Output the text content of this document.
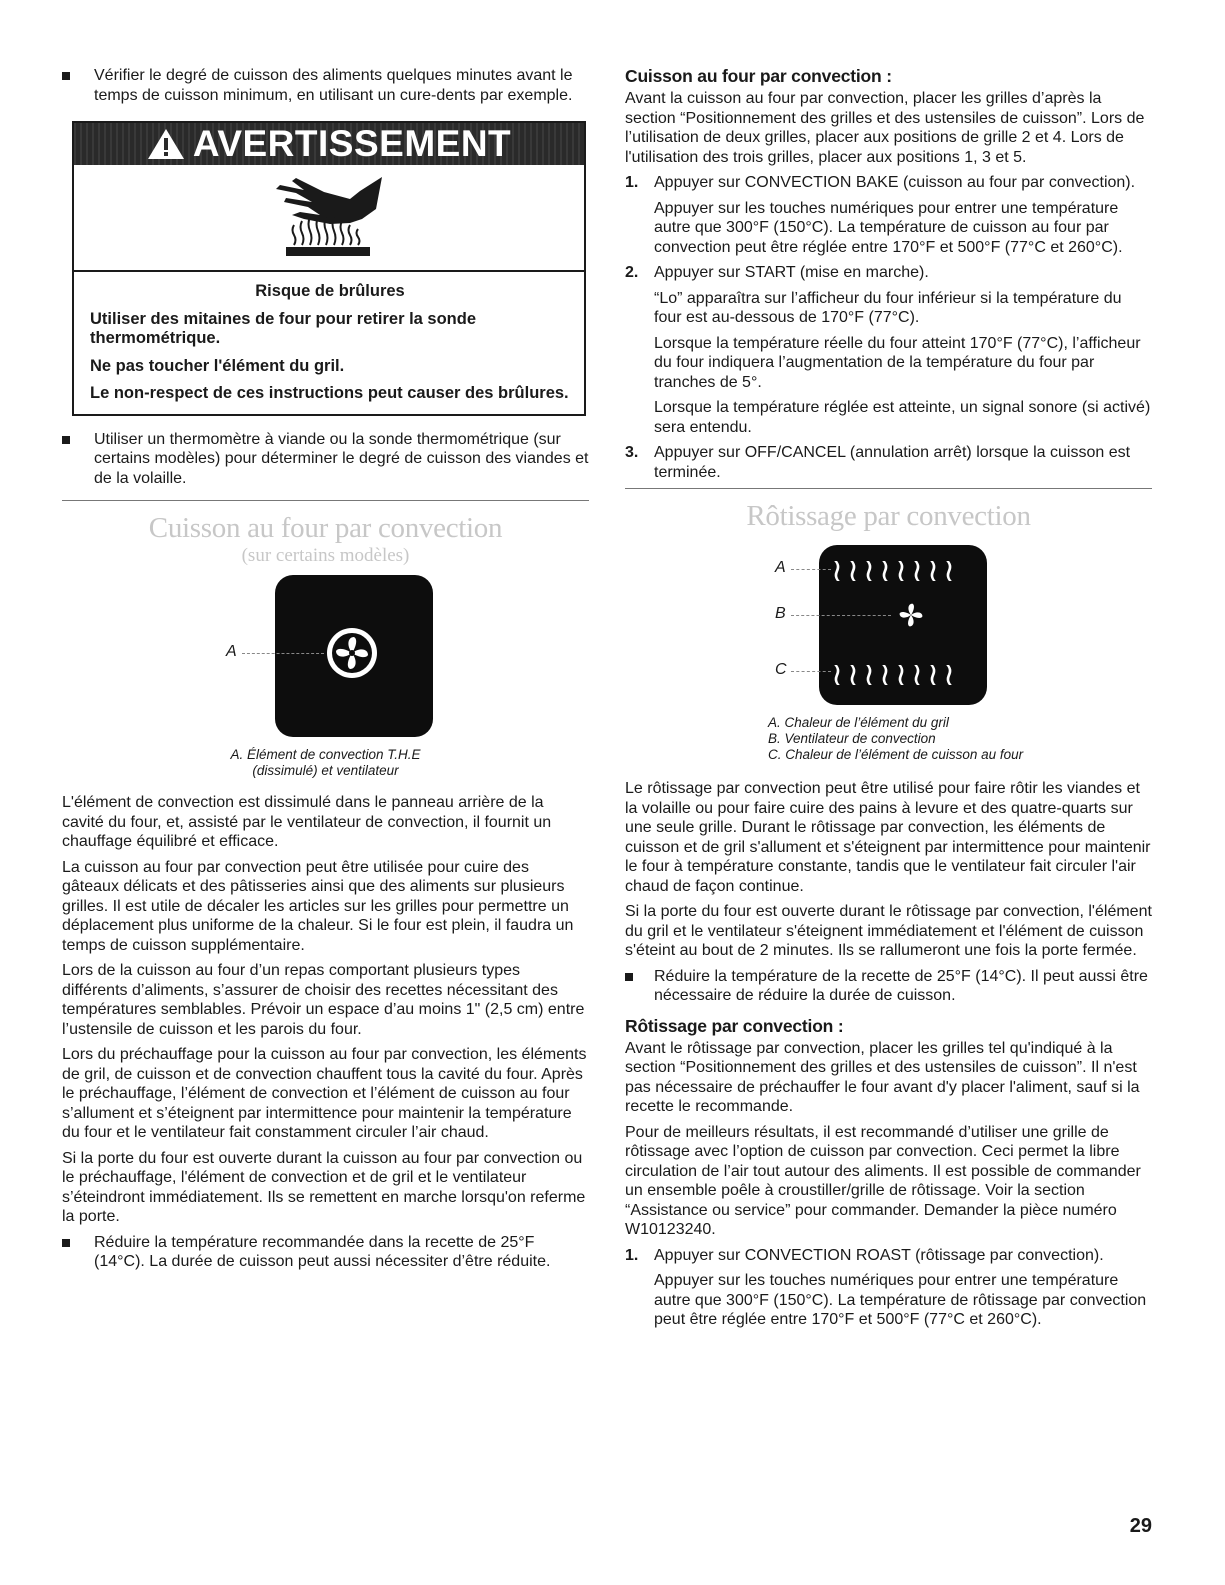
Vérifier le degré de cuisson des aliments quelques minutes avant le temps de cuisson minimum, en utilisant un cure-dents par exemple.
AVERTISSEMENT

Risque de brûlures

Utiliser des mitaines de four pour retirer la sonde thermométrique.

Ne pas toucher l'élément du gril.

Le non-respect de ces instructions peut causer des brûlures.

Utiliser un thermomètre à viande ou la sonde thermométrique (sur certains modèles) pour déterminer le degré de cuisson des viandes et de la volaille.
Cuisson au four par convection
(sur certains modèles)
A
A. Élément de convection T.H.E
(dissimulé) et ventilateur

L'élément de convection est dissimulé dans le panneau arrière de la cavité du four, et, assisté par le ventilateur de convection, il fournit un chauffage équilibré et efficace.

La cuisson au four par convection peut être utilisée pour cuire des gâteaux délicats et des pâtisseries ainsi que des aliments sur plusieurs grilles. Il est utile de décaler les articles sur les grilles pour permettre un déplacement plus uniforme de la chaleur. Si le four est plein, il faudra un temps de cuisson supplémentaire.

Lors de la cuisson au four d’un repas comportant plusieurs types différents d’aliments, s’assurer de choisir des recettes nécessitant des températures semblables. Prévoir un espace d’au moins 1" (2,5 cm) entre l’ustensile de cuisson et les parois du four.

Lors du préchauffage pour la cuisson au four par convection, les éléments de gril, de cuisson et de convection chauffent tous la cavité du four. Après le préchauffage, l’élément de convection et l’élément de cuisson au four s’allument et s’éteignent par intermittence pour maintenir la température du four et le ventilateur fait constamment circuler l’air chaud.

Si la porte du four est ouverte durant la cuisson au four par convection ou le préchauffage, l'élément de convection et de gril et le ventilateur s’éteindront immédiatement. Ils se remettent en marche lorsqu'on referme la porte.

Réduire la température recommandée dans la recette de 25°F (14°C). La durée de cuisson peut aussi nécessiter d’être réduite.
Cuisson au four par convection :

Avant la cuisson au four par convection, placer les grilles d’après la section “Positionnement des grilles et des ustensiles de cuisson”. Lors de l’utilisation de deux grilles, placer aux positions de grille 2 et 4. Lors de l'utilisation des trois grilles, placer aux positions 1, 3 et 5.

1. Appuyer sur CONVECTION BAKE (cuisson au four par convection).

Appuyer sur les touches numériques pour entrer une température autre que 300°F (150°C). La température de cuisson au four par convection peut être réglée entre 170°F et 500°F (77°C et 260°C).

2. Appuyer sur START (mise en marche).

“Lo” apparaîtra sur l’afficheur du four inférieur si la température du four est au-dessous de 170°F (77°C).

Lorsque la température réelle du four atteint 170°F (77°C), l’afficheur du four indiquera l’augmentation de la température du four par tranches de 5°.

Lorsque la température réglée est atteinte, un signal sonore (si activé) sera entendu.

3. Appuyer sur OFF/CANCEL (annulation arrêt) lorsque la cuisson est terminée.
Rôtissage par convection
≀≀≀≀≀≀≀≀
≀≀≀≀≀≀≀≀
A
B
C
A. Chaleur de l’élément du gril
B. Ventilateur de convection
C. Chaleur de l’élément de cuisson au four

Le rôtissage par convection peut être utilisé pour faire rôtir les viandes et la volaille ou pour faire cuire des pains à levure et des quatre-quarts sur une seule grille. Durant le rôtissage par convection, les éléments de cuisson et de gril s'allument et s'éteignent par intermittence pour maintenir le four à température constante, tandis que le ventilateur fait circuler l'air chaud de façon continue.

Si la porte du four est ouverte durant le rôtissage par convection, l'élément du gril et le ventilateur s'éteignent immédiatement et l'élément de cuisson s'éteint au bout de 2 minutes. Ils se rallumeront une fois la porte fermée.

Réduire la température de la recette de 25°F (14°C). Il peut aussi être nécessaire de réduire la durée de cuisson.
Rôtissage par convection :

Avant le rôtissage par convection, placer les grilles tel qu'indiqué à la section “Positionnement des grilles et des ustensiles de cuisson”. Il n'est pas nécessaire de préchauffer le four avant d'y placer l'aliment, sauf si la recette le recommande.

Pour de meilleurs résultats, il est recommandé d’utiliser une grille de rôtissage avec l’option de cuisson par convection. Ceci permet la libre circulation de l’air tout autour des aliments. Il est possible de commander un ensemble poêle à croustiller/grille de rôtissage. Voir la section “Assistance ou service” pour commander. Demander la pièce numéro W10123240.

1. Appuyer sur CONVECTION ROAST (rôtissage par convection).

Appuyer sur les touches numériques pour entrer une température autre que 300°F (150°C). La température de rôtissage par convection peut être réglée entre 170°F et 500°F (77°C et 260°C).

29
